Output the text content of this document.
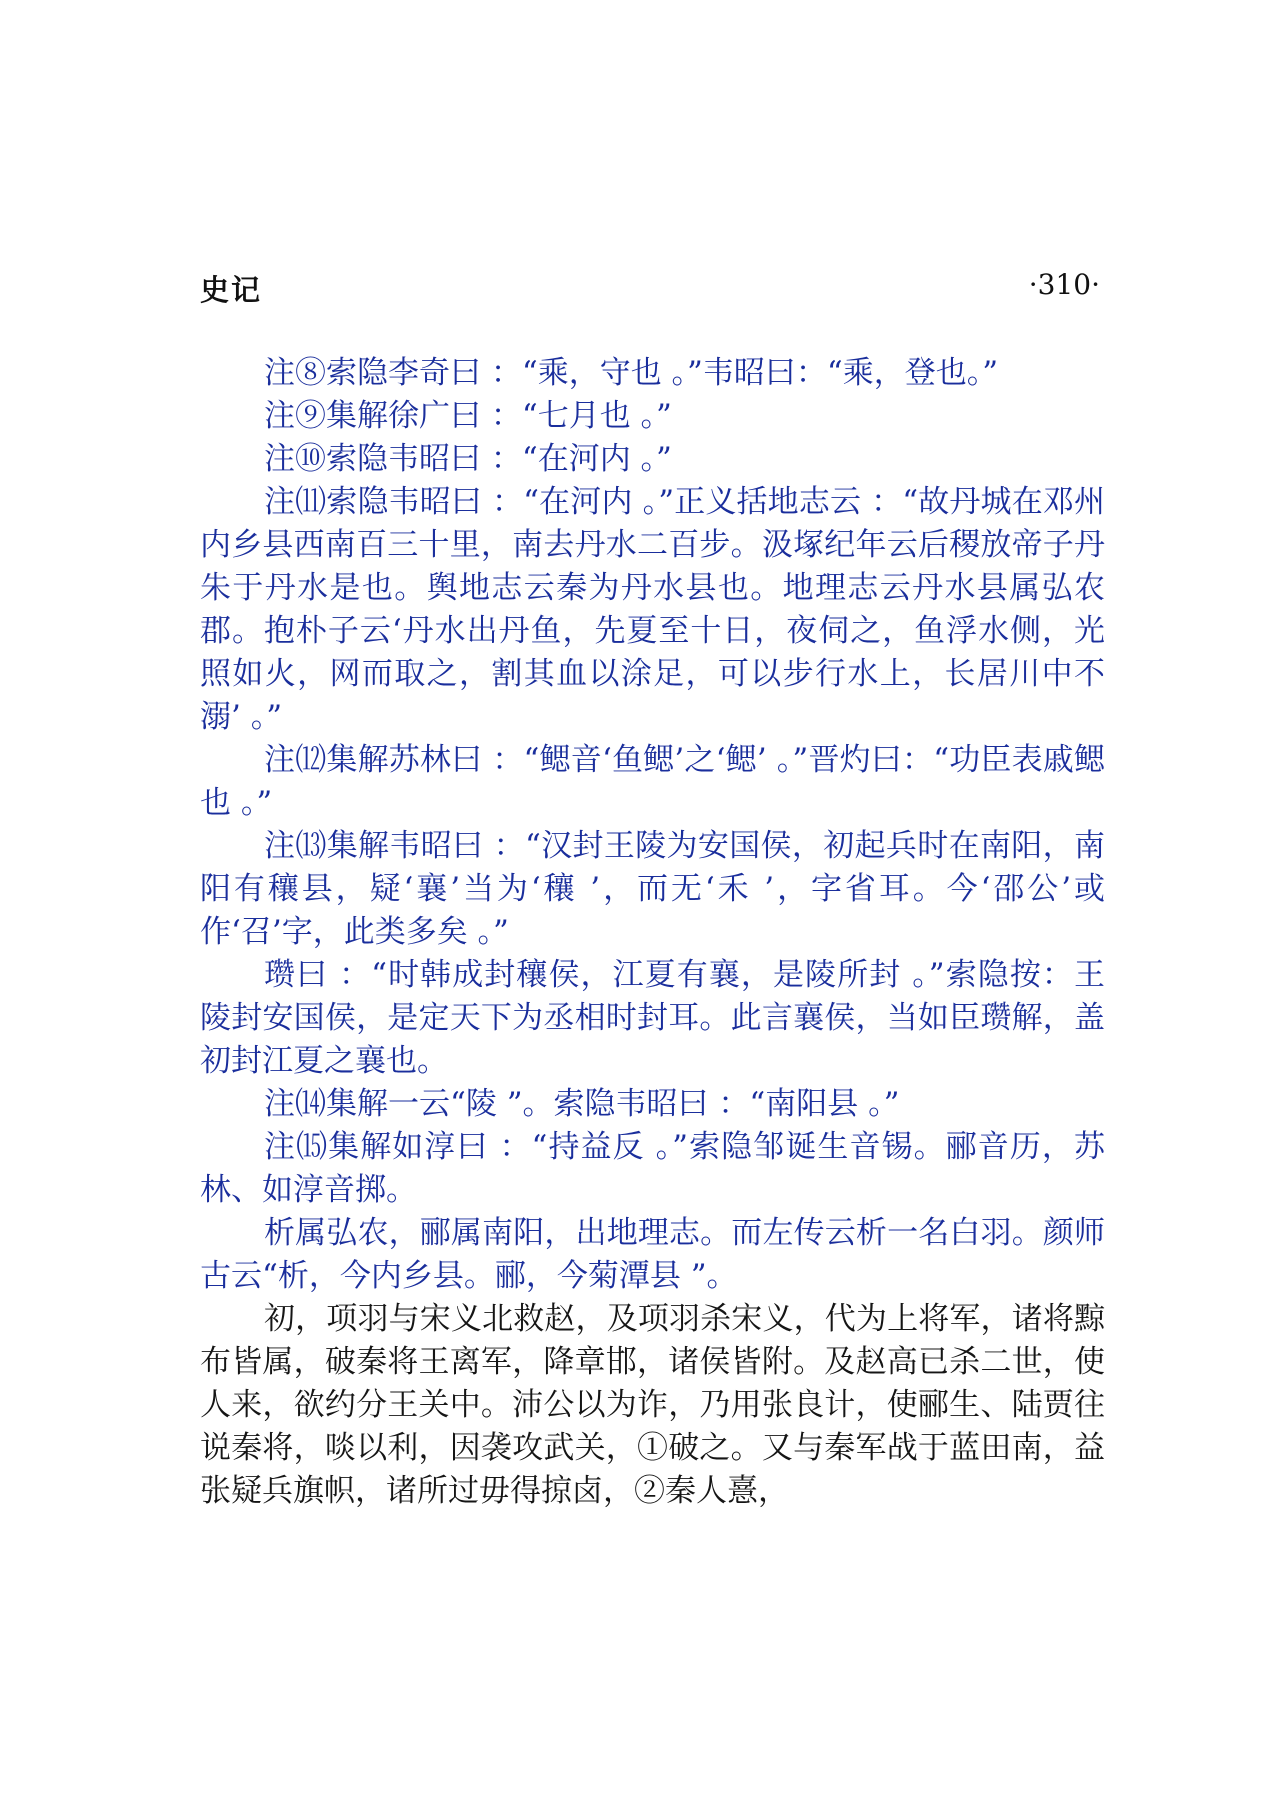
史记	·310·

注⑧索隐李奇曰 ：“乘，守也 。”韦昭曰：“乘，登也。”

注⑨集解徐广曰 ：“七月也 。”

注⑩索隐韦昭曰 ：“在河内 。”

注⑾索隐韦昭曰 ：“在河内 。”正义括地志云 ：“故丹城在邓州内乡县西南百三十里，南去丹水二百步。汲塚纪年云后稷放帝子丹朱于丹水是也。舆地志云秦为丹水县也。地理志云丹水县属弘农郡。抱朴子云‘丹水出丹鱼，先夏至十日，夜伺之，鱼浮水侧，光照如火，网而取之，割其血以涂足，可以步行水上，长居川中不溺’ 。”

注⑿集解苏林曰 ：“鳃音‘鱼鳃’之‘鳃’ 。”晋灼曰：“功臣表戚鳃也 。”

注⒀集解韦昭曰 ：“汉封王陵为安国侯，初起兵时在南阳，南阳有穰县，疑‘襄’当为‘穰 ’，而无‘禾 ’，字省耳。今‘邵公’或作‘召’字，此类多矣 。”

瓒曰 ：“时韩成封穰侯，江夏有襄，是陵所封 。”索隐按：王陵封安国侯，是定天下为丞相时封耳。此言襄侯，当如臣瓒解，盖初封江夏之襄也。

注⒁集解一云“陵 ”。索隐韦昭曰 ：“南阳县 。”

注⒂集解如淳曰 ：“持益反 。”索隐邹诞生音锡。郦音历，苏林、如淳音掷。

析属弘农，郦属南阳，出地理志。而左传云析一名白羽。颜师古云“析，今内乡县。郦，今菊潭县 ”。

初，项羽与宋义北救赵，及项羽杀宋义，代为上将军，诸将黥布皆属，破秦将王离军，降章邯，诸侯皆附。及赵高已杀二世，使人来，欲约分王关中。沛公以为诈，乃用张良计，使郦生、陆贾往说秦将，啖以利，因袭攻武关，①破之。又与秦军战于蓝田南，益张疑兵旗帜，诸所过毋得掠卤，②秦人憙，
